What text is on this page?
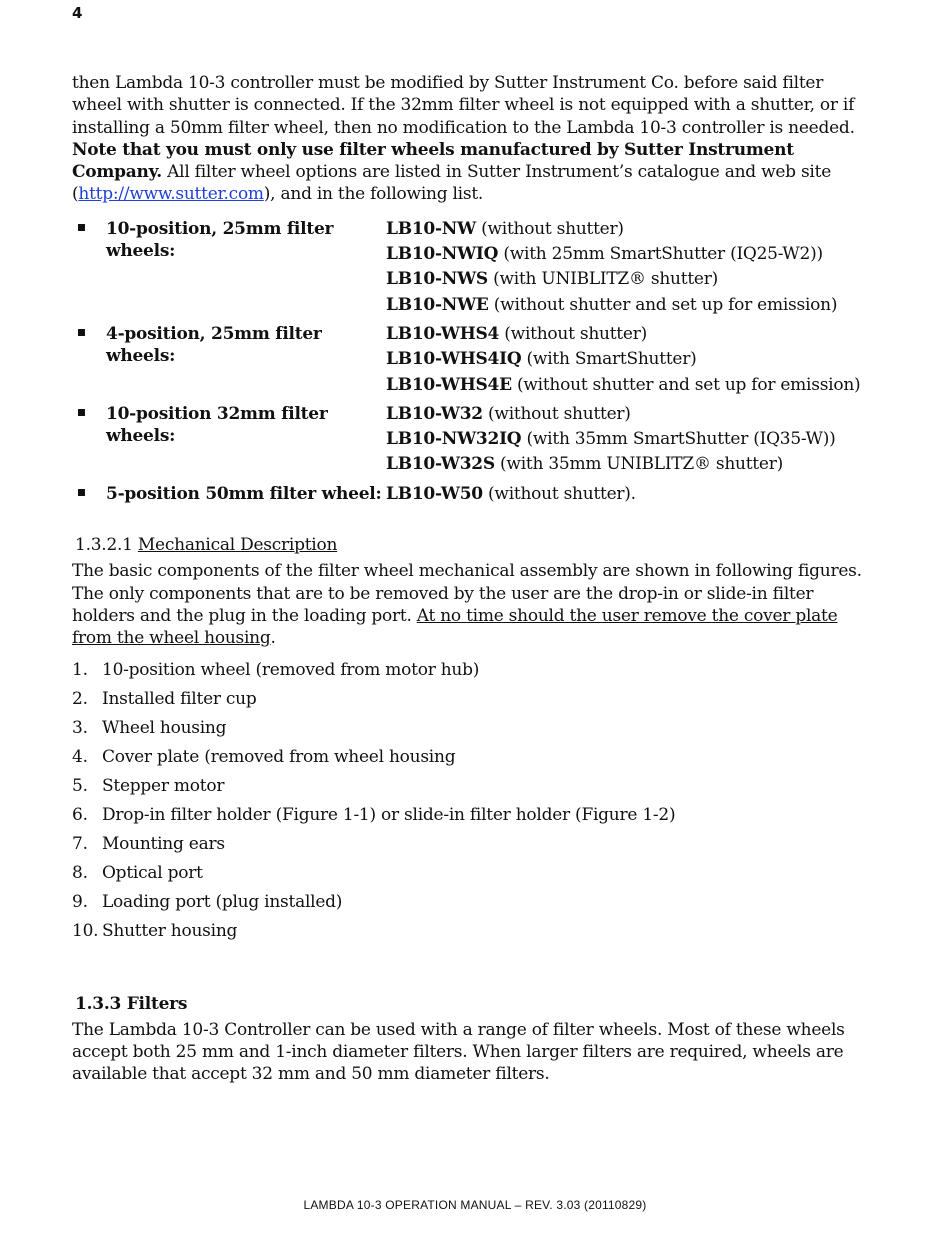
4

then Lambda 10-3 controller must be modified by Sutter Instrument Co. before said filter wheel with shutter is connected. If the 32mm filter wheel is not equipped with a shutter, or if installing a 50mm filter wheel, then no modification to the Lambda 10-3 controller is needed. Note that you must only use filter wheels manufactured by Sutter Instrument Company. All filter wheel options are listed in Sutter Instrument’s catalogue and web site (http://www.sutter.com), and in the following list.

10-position, 25mm filter wheels:
LB10-NW (without shutter)
LB10-NWIQ (with 25mm SmartShutter (IQ25-W2))
LB10-NWS (with UNIBLITZ® shutter)
LB10-NWE (without shutter and set up for emission)
4-position, 25mm filter wheels:
LB10-WHS4 (without shutter)
LB10-WHS4IQ (with SmartShutter)
LB10-WHS4E (without shutter and set up for emission)
10-position 32mm filter wheels:
LB10-W32 (without shutter)
LB10-NW32IQ (with 35mm SmartShutter (IQ35-W))
LB10-W32S (with 35mm UNIBLITZ® shutter)
5-position 50mm filter wheel: LB10-W50 (without shutter).

1.3.2.1 Mechanical Description

The basic components of the filter wheel mechanical assembly are shown in following figures. The only components that are to be removed by the user are the drop-in or slide-in filter holders and the plug in the loading port. At no time should the user remove the cover plate from the wheel housing.

1. 10-position wheel (removed from motor hub)
2. Installed filter cup
3. Wheel housing
4. Cover plate (removed from wheel housing
5. Stepper motor
6. Drop-in filter holder (Figure 1-1) or slide-in filter holder (Figure 1-2)
7. Mounting ears
8. Optical port
9. Loading port (plug installed)
10. Shutter housing

1.3.3 Filters

The Lambda 10-3 Controller can be used with a range of filter wheels. Most of these wheels accept both 25 mm and 1-inch diameter filters. When larger filters are required, wheels are available that accept 32 mm and 50 mm diameter filters.

LAMBDA 10-3 OPERATION MANUAL – REV. 3.03 (20110829)
